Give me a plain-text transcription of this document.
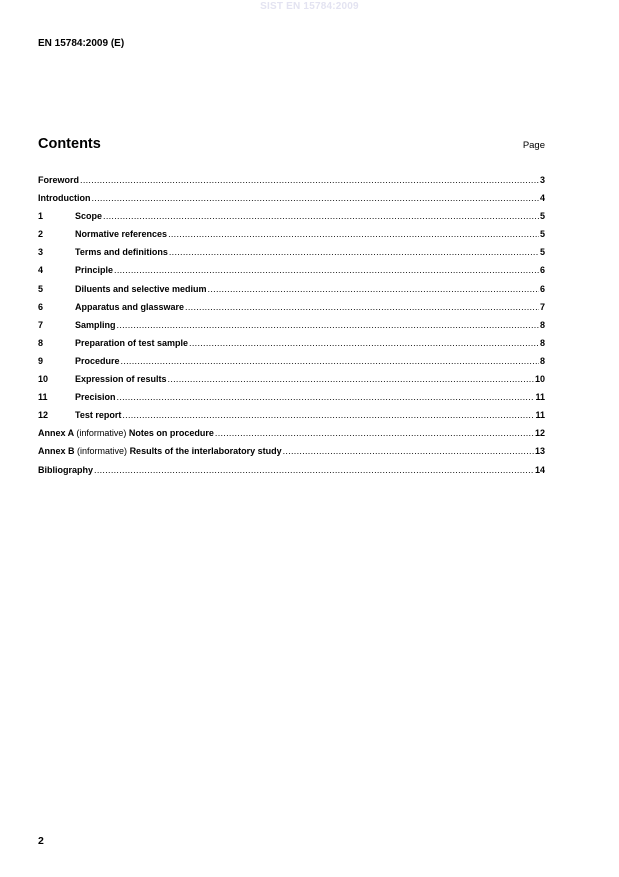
SIST EN 15784:2009
EN 15784:2009 (E)
Contents	Page
Foreword .....	3
Introduction .....	4
1	Scope .....	5
2	Normative references .....	5
3	Terms and definitions .....	5
4	Principle .....	6
5	Diluents and selective medium .....	6
6	Apparatus and glassware .....	7
7	Sampling .....	8
8	Preparation of test sample .....	8
9	Procedure .....	8
10	Expression of results .....	10
11	Precision .....	11
12	Test report .....	11
Annex A (informative) Notes on procedure .....	12
Annex B (informative) Results of the interlaboratory study .....	13
Bibliography .....	14
2
